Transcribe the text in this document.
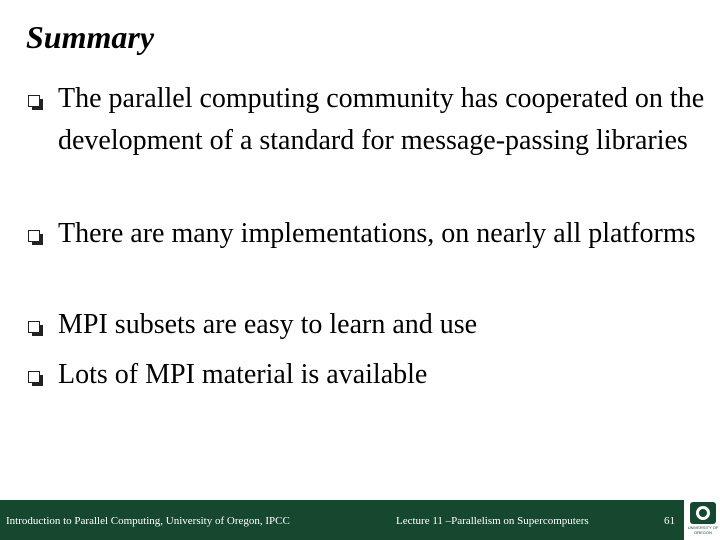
Summary
The parallel computing community has cooperated on the development of a standard for message-passing libraries
There are many implementations, on nearly all platforms
MPI subsets are easy to learn and use
Lots of MPI material is available
Introduction to Parallel Computing, University of Oregon, IPCC	Lecture 11 –Parallelism on Supercomputers	61
UNIVERSITY OF OREGON
